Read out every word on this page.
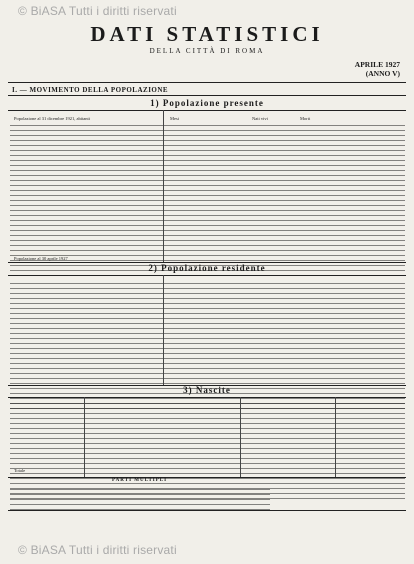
© BiASA Tutti i diritti riservati
DATI STATISTICI
DELLA CITTÀ DI ROMA
APRILE 1927
(ANNO V)
I. — MOVIMENTO DELLA POPOLAZIONE
1) Popolazione presente
Popolazione al 31 dicembre 1921, abitanti	Mesi	Nati vivi	Morti
Popolazione al 30 aprile 1927
2) Popolazione residente
3) Nascite
Totale
PARTI MULTIPLI
© BiASA Tutti i diritti riservati
